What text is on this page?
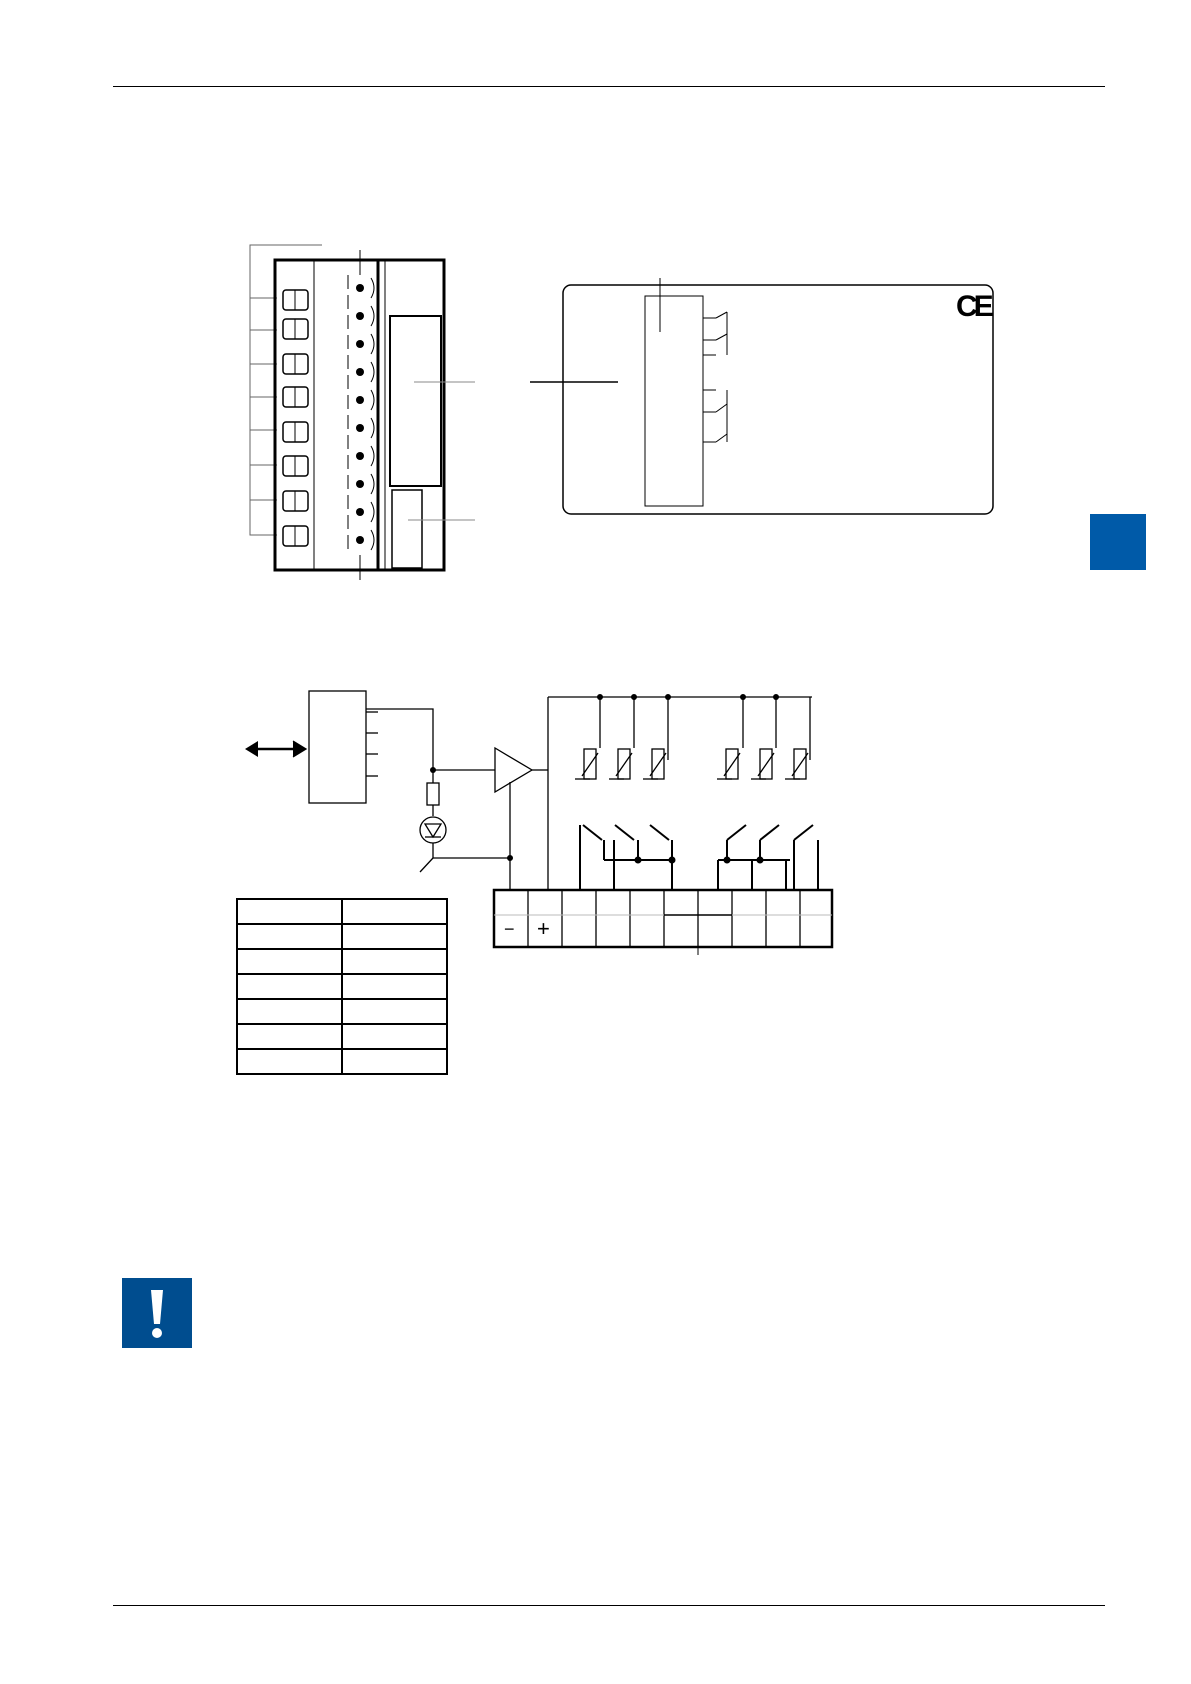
CE
− +
